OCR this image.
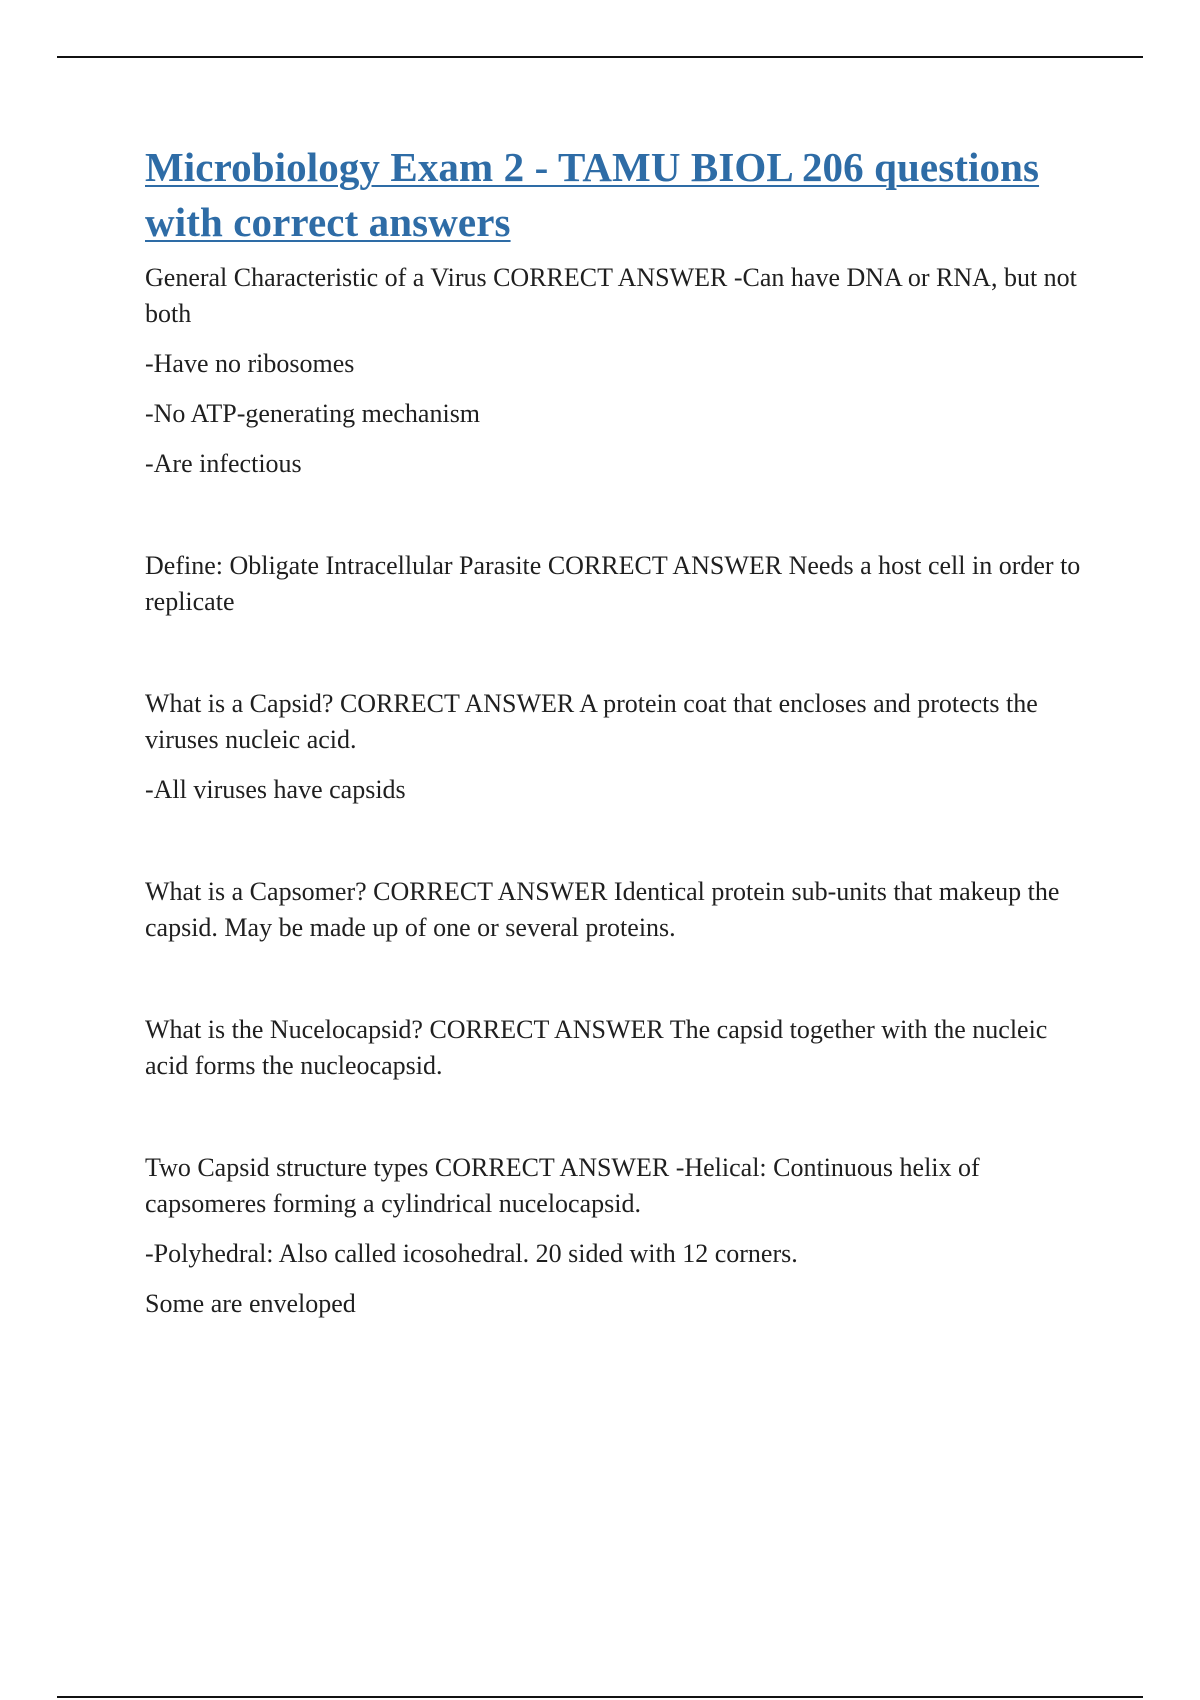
Microbiology Exam 2 - TAMU BIOL 206 questions with correct answers

General Characteristic of a Virus CORRECT ANSWER -Can have DNA or RNA, but not both

-Have no ribosomes

-No ATP-generating mechanism

-Are infectious

Define: Obligate Intracellular Parasite CORRECT ANSWER Needs a host cell in order to replicate

What is a Capsid? CORRECT ANSWER A protein coat that encloses and protects the viruses nucleic acid.

-All viruses have capsids

What is a Capsomer? CORRECT ANSWER Identical protein sub-units that makeup the capsid. May be made up of one or several proteins.

What is the Nucelocapsid? CORRECT ANSWER The capsid together with the nucleic acid forms the nucleocapsid.

Two Capsid structure types CORRECT ANSWER -Helical: Continuous helix of capsomeres forming a cylindrical nucelocapsid.

-Polyhedral: Also called icosohedral. 20 sided with 12 corners.

Some are enveloped
